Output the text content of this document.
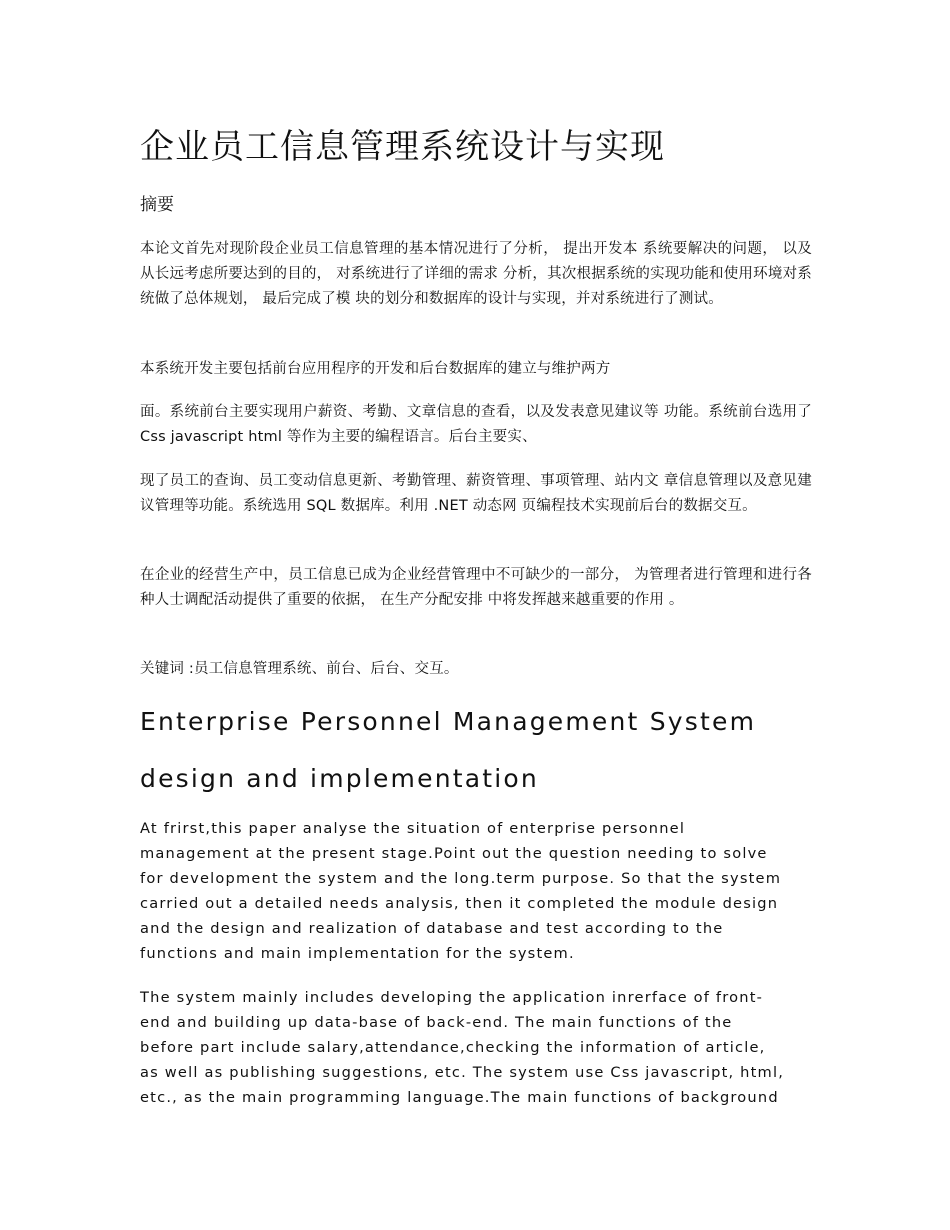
企业员工信息管理系统设计与实现
摘要

本论文首先对现阶段企业员工信息管理的基本情况进行了分析， 提出开发本 系统要解决的问题， 以及从长远考虑所要达到的目的， 对系统进行了详细的需求 分析，其次根据系统的实现功能和使用环境对系统做了总体规划， 最后完成了模 块的划分和数据库的设计与实现，并对系统进行了测试。

本系统开发主要包括前台应用程序的开发和后台数据库的建立与维护两方

面。系统前台主要实现用户薪资、考勤、文章信息的查看，以及发表意见建议等 功能。系统前台选用了 Css javascript html 等作为主要的编程语言。后台主要实、

现了员工的查询、员工变动信息更新、考勤管理、薪资管理、事项管理、站内文 章信息管理以及意见建议管理等功能。系统选用 SQL 数据库。利用 .NET 动态网 页编程技术实现前后台的数据交互。

在企业的经营生产中，员工信息已成为企业经营管理中不可缺少的一部分， 为管理者进行管理和进行各种人士调配活动提供了重要的依据， 在生产分配安排 中将发挥越来越重要的作用 。

关键词 :员工信息管理系统、前台、后台、交互。

Enterprise Personnel Management System
design and implementation

At frirst,this paper analyse the situation of enterprise personnel
management at the present stage.Point out the question needing to solve
for development the system and the long.term purpose. So that the system
carried out a detailed needs analysis, then it completed the module design
and the design and realization of database and test according to the
functions and main implementation for the system.

The system mainly includes developing the application inrerface of front-
end and building up data-base of back-end. The main functions of the
before part include salary,attendance,checking the information of article,
as well as publishing suggestions, etc. The system use Css javascript, html,
etc., as the main programming language.The main functions of background
